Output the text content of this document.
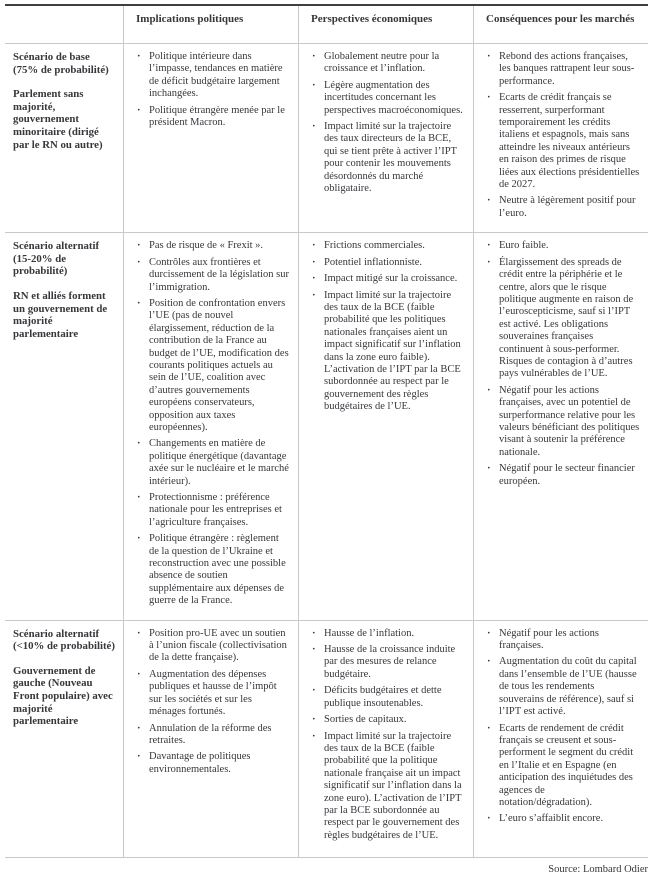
Implications politiques	Perspectives économiques	Conséquences pour les marchés
Scénario de base (75% de probabilité)
Parlement sans majorité, gouvernement minoritaire (dirigé par le RN ou autre)
· Politique intérieure dans l’impasse, tendances en matière de déficit budgétaire largement inchangées.
· Politique étrangère menée par le président Macron.
· Globalement neutre pour la croissance et l’inflation.
· Légère augmentation des incertitudes concernant les perspectives macroéconomiques.
· Impact limité sur la trajectoire des taux directeurs de la BCE, qui se tient prête à activer l’IPT pour contenir les mouvements désordonnés du marché obligataire.
· Rebond des actions françaises, les banques rattrapent leur sous-performance.
· Ecarts de crédit français se resserrent, surperformant temporairement les crédits italiens et espagnols, mais sans atteindre les niveaux antérieurs en raison des primes de risque liées aux élections présidentielles de 2027.
· Neutre à légèrement positif pour l’euro.
Scénario alternatif (15-20% de probabilité)
RN et alliés forment un gouvernement de majorité parlementaire
· Pas de risque de « Frexit ».
· Contrôles aux frontières et durcissement de la législation sur l’immigration.
· Position de confrontation envers l’UE (pas de nouvel élargissement, réduction de la contribution de la France au budget de l’UE, modification des courants politiques actuels au sein de l’UE, coalition avec d’autres gouvernements européens conservateurs, opposition aux taxes européennes).
· Changements en matière de politique énergétique (davantage axée sur le nucléaire et le marché intérieur).
· Protectionnisme : préférence nationale pour les entreprises et l’agriculture françaises.
· Politique étrangère : règlement de la question de l’Ukraine et reconstruction avec une possible absence de soutien supplémentaire aux dépenses de guerre de la France.
· Frictions commerciales.
· Potentiel inflationniste.
· Impact mitigé sur la croissance.
· Impact limité sur la trajectoire des taux de la BCE (faible probabilité que les politiques nationales françaises aient un impact significatif sur l’inflation dans la zone euro faible). L’activation de l’IPT par la BCE subordonnée au respect par le gouvernement des règles budgétaires de l’UE.
· Euro faible.
· Élargissement des spreads de crédit entre la périphérie et le centre, alors que le risque politique augmente en raison de l’euroscepticisme, sauf si l’IPT est activé. Les obligations souveraines françaises continuent à sous-performer. Risques de contagion à d’autres pays vulnérables de l’UE.
· Négatif pour les actions françaises, avec un potentiel de surperformance relative pour les valeurs bénéficiant des politiques visant à soutenir la préférence nationale.
· Négatif pour le secteur financier européen.
Scénario alternatif (<10% de probabilité)
Gouvernement de gauche (Nouveau Front populaire) avec majorité parlementaire
· Position pro-UE avec un soutien à l’union fiscale (collectivisation de la dette française).
· Augmentation des dépenses publiques et hausse de l’impôt sur les sociétés et sur les ménages fortunés.
· Annulation de la réforme des retraites.
· Davantage de politiques environnementales.
· Hausse de l’inflation.
· Hausse de la croissance induite par des mesures de relance budgétaire.
· Déficits budgétaires et dette publique insoutenables.
· Sorties de capitaux.
· Impact limité sur la trajectoire des taux de la BCE (faible probabilité que la politique nationale française ait un impact significatif sur l’inflation dans la zone euro). L’activation de l’IPT par la BCE subordonnée au respect par le gouvernement des règles budgétaires de l’UE.
· Négatif pour les actions françaises.
· Augmentation du coût du capital dans l’ensemble de l’UE (hausse de tous les rendements souverains de référence), sauf si l’IPT est activé.
· Ecarts de rendement de crédit français se creusent et sous-performent le segment du crédit en l’Italie et en Espagne (en anticipation des inquiétudes des agences de notation/dégradation).
· L’euro s’affaiblit encore.
Source: Lombard Odier
